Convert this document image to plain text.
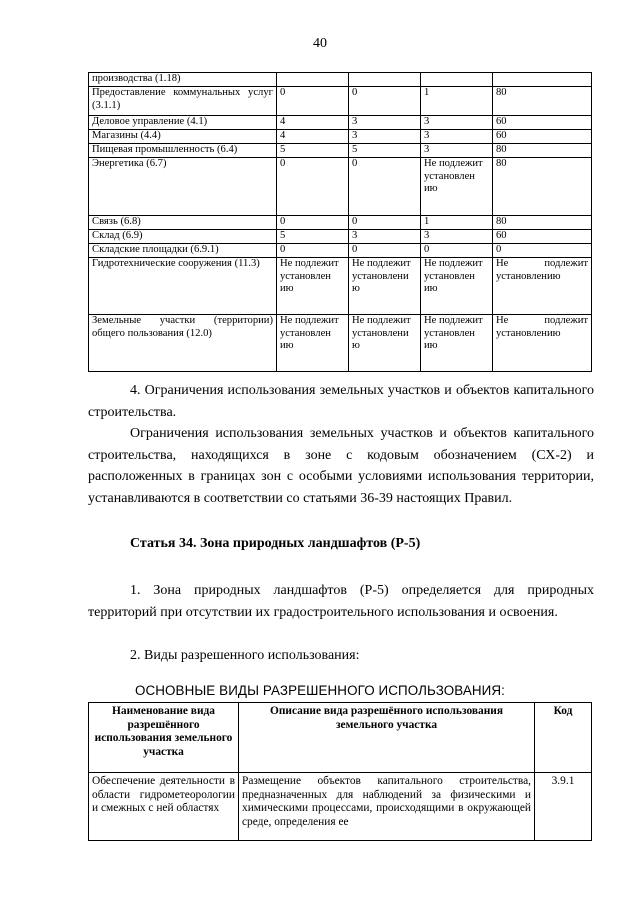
40
производства (1.18)				
Предоставление коммунальных услуг (3.1.1)	0	0	1	80
Деловое управление (4.1)	4	3	3	60
Магазины (4.4)	4	3	3	60
Пищевая промышленность (6.4)	5	5	3	80
Энергетика (6.7)	0	0	Не подлежит установлен ию	80
Связь (6.8)	0	0	1	80
Склад (6.9)	5	3	3	60
Складские площадки (6.9.1)	0	0	0	0
Гидротехнические сооружения (11.3)	Не подлежит установлен ию	Не подлежит установлени ю	Не подлежит установлен ию	Не подлежит установлению
Земельные участки (территории) общего пользования (12.0)	Не подлежит установлен ию	Не подлежит установлени ю	Не подлежит установлен ию	Не подлежит установлению
4. Ограничения использования земельных участков и объектов капитального строительства.
Ограничения использования земельных участков и объектов капитального строительства, находящихся в зоне с кодовым обозначением (СХ-2) и расположенных в границах зон с особыми условиями использования территории, устанавливаются в соответствии со статьями 36-39 настоящих Правил.
Статья 34. Зона природных ландшафтов (Р-5)
1. Зона природных ландшафтов (Р-5) определяется для природных территорий при отсутствии их градостроительного использования и освоения.
2. Виды разрешенного использования:
ОСНОВНЫЕ ВИДЫ РАЗРЕШЕННОГО ИСПОЛЬЗОВАНИЯ:
Наименование вида разрешённого использования земельного участка	Описание вида разрешённого использования земельного участка	Код
Обеспечение деятельности в области гидрометеорологии и смежных с ней областях	Размещение объектов капитального строительства, предназначенных для наблюдений за физическими и химическими процессами, происходящими в окружающей среде, определения ее	3.9.1
